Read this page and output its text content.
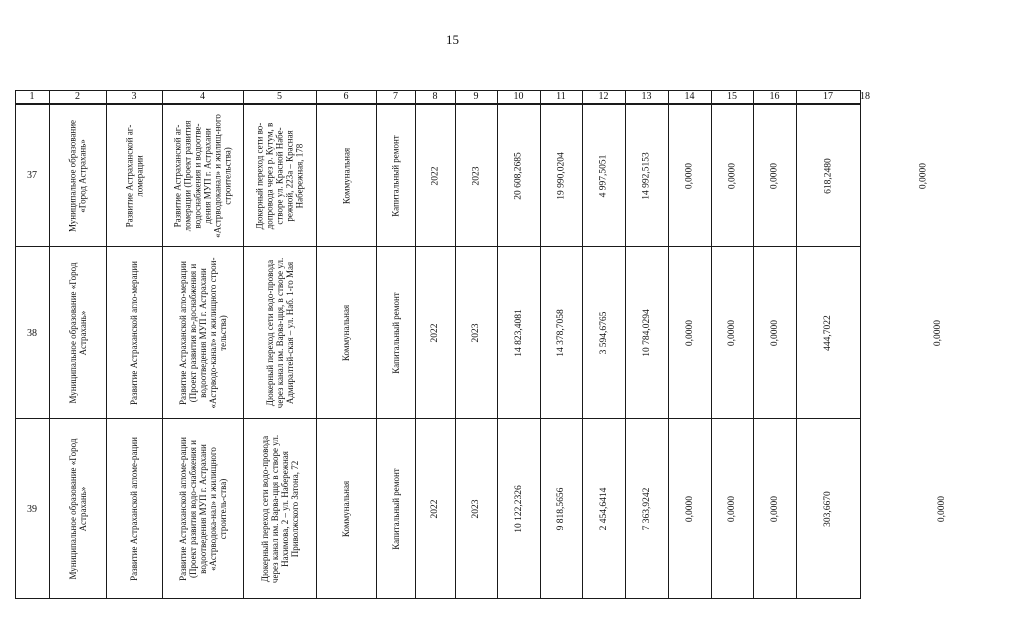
15
1	2	3	4	5	6	7	8	9	10	11	12	13	14	15	16	17	18
37	Муниципальное образование «Город Астрахань»	Развитие Астраханской аг-ломерации	Развитие Астраханской аг-ломерации (Проект развития водоснабжения и водоотве-дения МУП г. Астрахани «Астрводоканал» и жилищ-ного строительства) Дюкерный переход сети во-допровода через р. Кутум, в створе ул. Красной Набе-режной, 223а – Красная Набережная, 178	Коммунальная	Капитальный ремонт	2022	2023	20 608,2685	19 990,0204	4 997,5051	14 992,5153	0,0000	0,0000	0,0000	618,2480	0,0000
38	Муниципальное образование «Город Астрахань»	Развитие Астраханской агло-мерации	Развитие Астраханской агло-мерации (Проект развития во-доснабжения и водоотведения МУП г. Астрахани «Астрводо-канал» и жилищного строи-тельства)	Дюкерный переход сети водо-провода через канал им. Варва-цця, в створе ул. Адмиралтей-ская – ул. Наб. 1-го Мая	Коммунальная	Капитальный ремонт	2022	2023	14 823,4081	14 378,7058	3 594,6765	10 784,0294	0,0000	0,0000	0,0000	444,7022	0,0000
39	Муниципальное образование «Город Астрахань»	Развитие Астраханской агломе-рации	Развитие Астраханской агломе-рации (Проект развития водо-снабжения и водоотведения МУП г. Астрахани «Астрводока-нал» и жилищного строитель-ства)	Дюкерный переход сети водо-провода через канал им. Варва-цця в створе ул. Нахимова, 2 – ул. Набережная Приволжского Затона, 72	Коммунальная	Капитальный ремонт	2022	2023	10 122,2326	9 818,5656	2 454,6414	7 363,9242	0,0000	0,0000	0,0000	303,6670	0,0000
